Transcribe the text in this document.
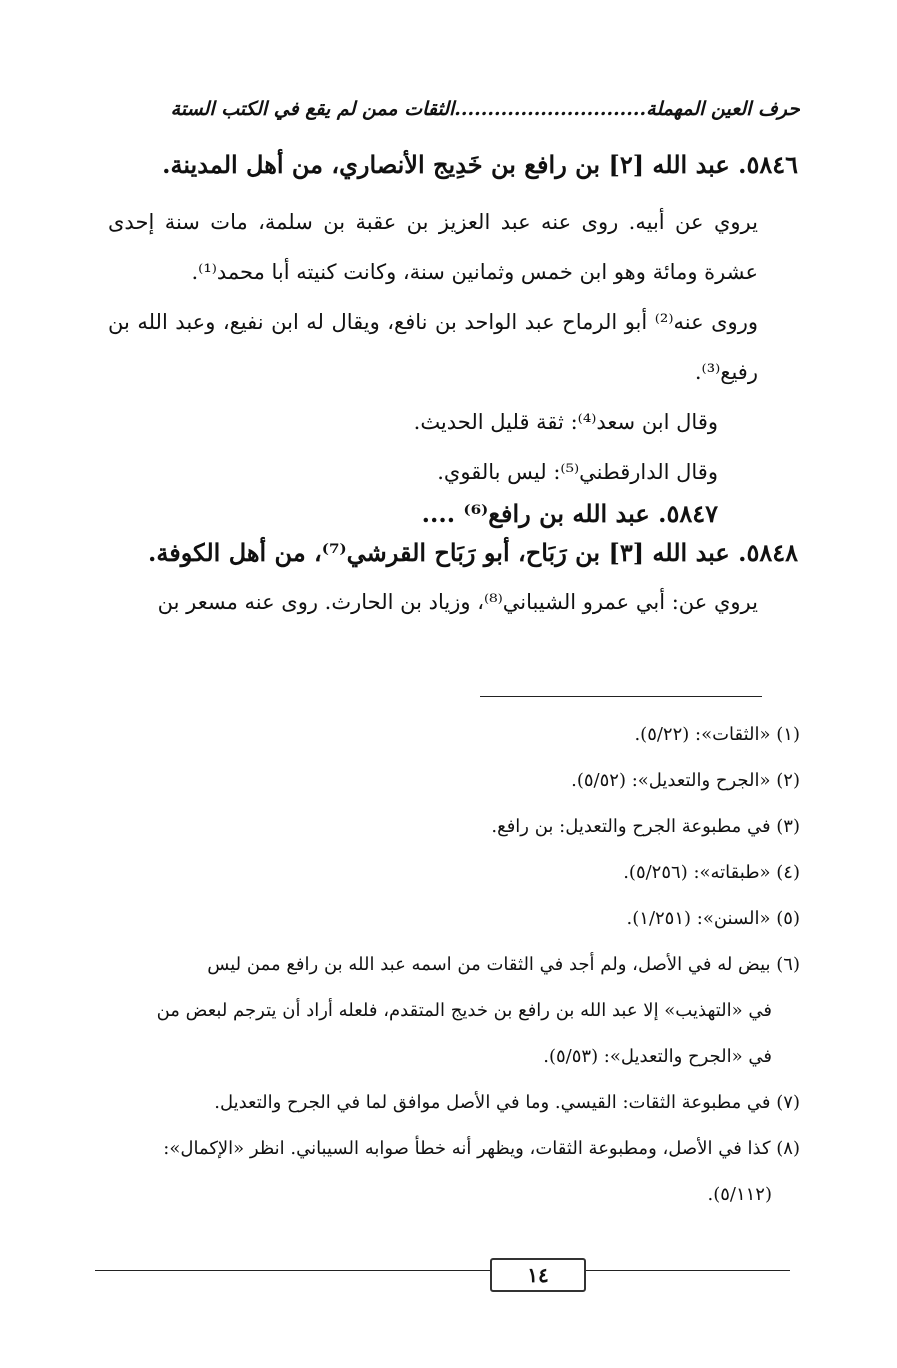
حرف العين المهملة.............................الثقات ممن لم يقع في الكتب الستة

٥٨٤٦. عبد الله [٢] بن رافع بن خَدِيج الأنصاري، من أهل المدينة.

يروي عن أبيه. روى عنه عبد العزيز بن عقبة بن سلمة، مات سنة إحدى عشرة ومائة وهو ابن خمس وثمانين سنة، وكانت كنيته أبا محمد⁽¹⁾.

وروى عنه⁽²⁾ أبو الرماح عبد الواحد بن نافع، ويقال له ابن نفيع، وعبد الله بن رفيع⁽³⁾.

وقال ابن سعد⁽⁴⁾: ثقة قليل الحديث.

وقال الدارقطني⁽⁵⁾: ليس بالقوي.

٥٨٤٧. عبد الله بن رافع⁽⁶⁾ ....

٥٨٤٨. عبد الله [٣] بن رَبَاح، أبو رَبَاح القرشي⁽⁷⁾، من أهل الكوفة.

يروي عن: أبي عمرو الشيباني⁽⁸⁾، وزياد بن الحارث. روى عنه مسعر بن

(١) «الثقات»: (٥/٢٢).

(٢) «الجرح والتعديل»: (٥/٥٢).

(٣) في مطبوعة الجرح والتعديل: بن رافع.

(٤) «طبقاته»: (٥/٢٥٦).

(٥) «السنن»: (١/٢٥١).

(٦) بيض له في الأصل، ولم أجد في الثقات من اسمه عبد الله بن رافع ممن ليس

في «التهذيب» إلا عبد الله بن رافع بن خديج المتقدم، فلعله أراد أن يترجم لبعض من

في «الجرح والتعديل»: (٥/٥٣).

(٧) في مطبوعة الثقات: القيسي. وما في الأصل موافق لما في الجرح والتعديل.

(٨) كذا في الأصل، ومطبوعة الثقات، ويظهر أنه خطأ صوابه السيباني. انظر «الإكمال»:

(٥/١١٢).

١٤
